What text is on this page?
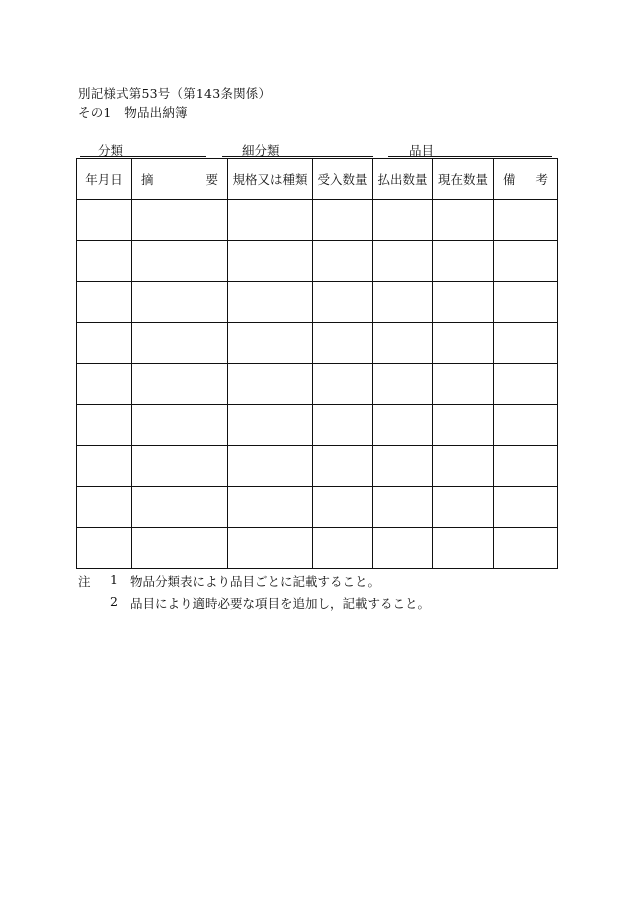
別記様式第53号（第143条関係）
その1　物品出納簿
分類	細分類	品目
年月日	摘 要	規格又は種類	受入数量	払出数量	現在数量	備 考

注 1 物品分類表により品目ごとに記載すること。
2 品目により適時必要な項目を追加し，記載すること。
